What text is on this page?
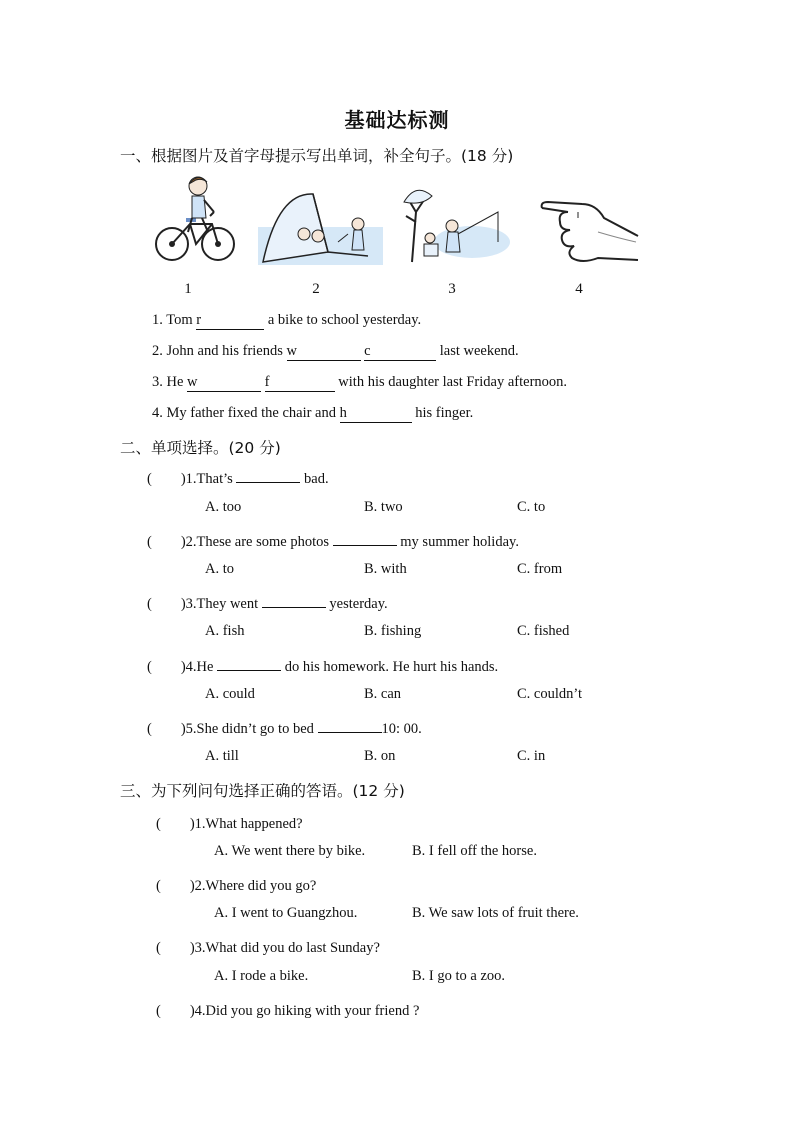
基础达标测
一、根据图片及首字母提示写出单词，补全句子。(18 分)
1	2	3	4
1. Tom r	a bike to school yesterday.
2. John and his friends w	c	last weekend.
3. He w	f	with his daughter last Friday afternoon.
4. My father fixed the chair and h	his finger.
二、单项选择。(20 分)
(　　)1.That’s	bad.
A. too	B. two	C. to
(　　)2.These are some photos	my summer holiday.
A. to	B. with	C. from
(　　)3.They went	yesterday.
A. fish	B. fishing	C. fished
(　　)4.He	do his homework. He hurt his hands.
A. could	B. can	C. couldn’t
(　　)5.She didn’t go to bed	10: 00.
A. till	B. on	C. in
三、为下列问句选择正确的答语。(12 分)
(　　)1.What happened?
A. We went there by bike.	B. I fell off the horse.
(　　)2.Where did you go?
A. I went to Guangzhou.	B. We saw lots of fruit there.
(　　)3.What did you do last Sunday?
A. I rode a bike.	B. I go to a zoo.
(　　)4.Did you go hiking with your friend ?
